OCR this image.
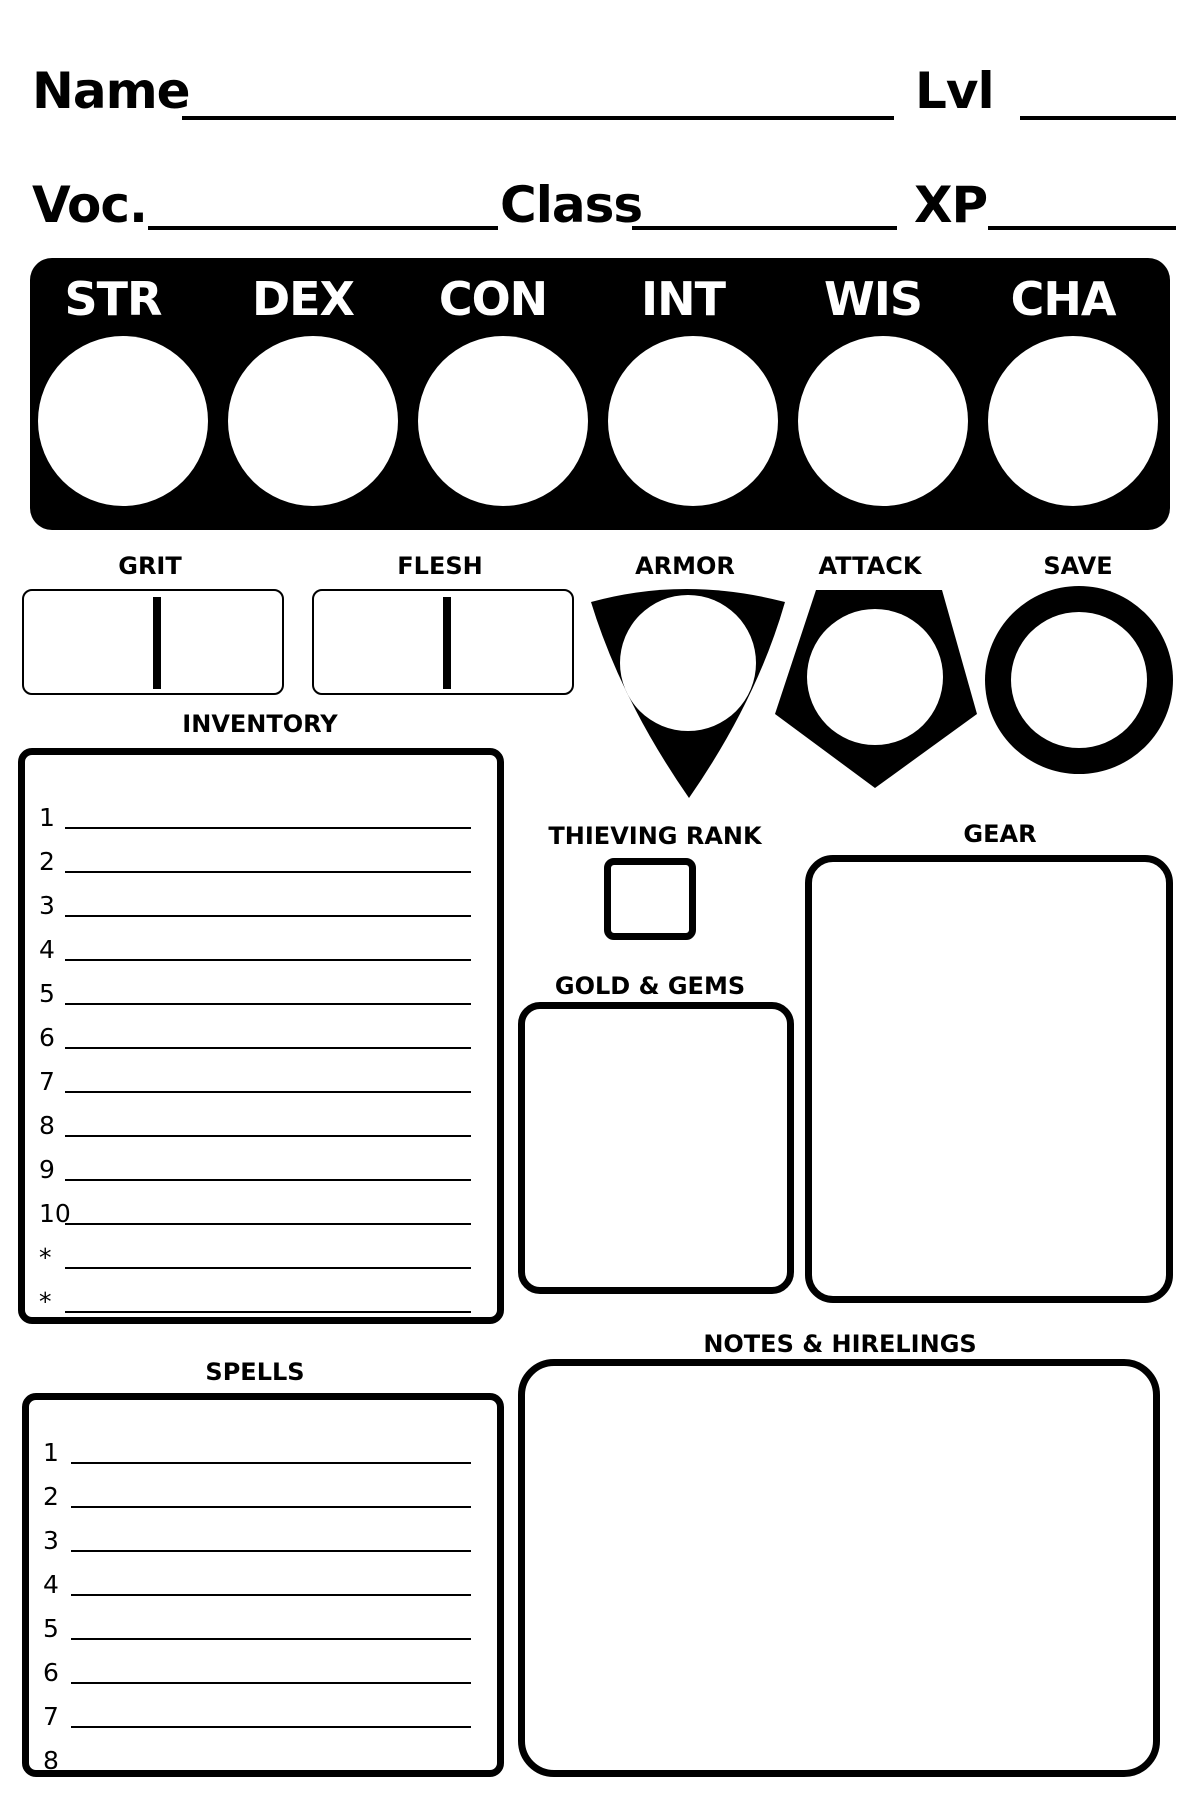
Name	Lvl
Voc.	Class	XP
STR	DEX	CON	INT	WIS	CHA
GRIT	FLESH	ARMOR	ATTACK	SAVE
INVENTORY
1
2
3
4
5
6
7
8
9
10
*
*
THIEVING RANK	GEAR
GOLD & GEMS
SPELLS
1
2
3
4
5
6
7
8
NOTES & HIRELINGS
